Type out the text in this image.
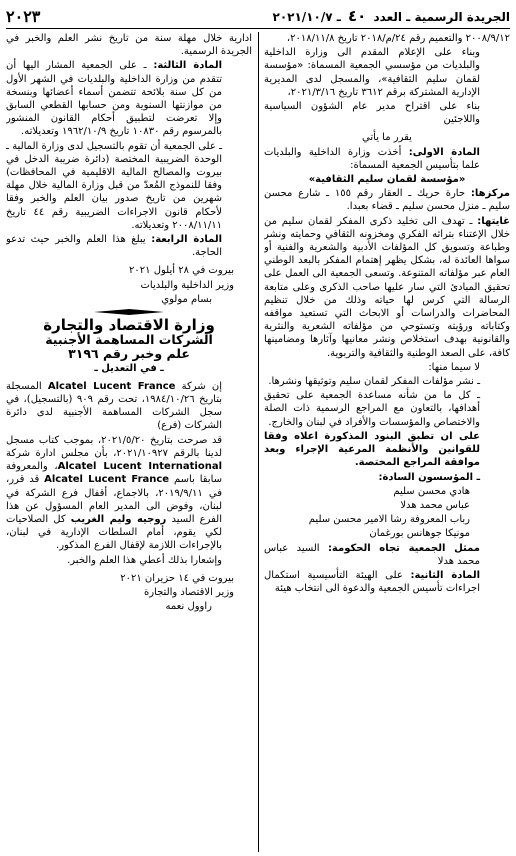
الجريدة الرسمية ـ العدد ٤٠ ـ ٢٠٢١/١٠/٧
٢٠٢٣

٢٠٠٨/٩/١٢ والتعميم رقم ٢٤/م/٢٠١٨ تاريخ ٢٠١٨/١١/٨،

وبناء على الإعلام المقدم الى وزارة الداخلية والبلديات من مؤسسي الجمعية المسماة: «مؤسسة لقمان سليم الثقافية»، والمسجل لدى المديرية الإدارية المشتركة برقم ٣٦١٢ تاريخ ٢٠٢١/٣/١٦،

بناء على اقتراح مدير عام الشؤون السياسية واللاجئين

يقرر ما يأتي

المادة الاولى: أخذت وزارة الداخلية والبلديات علما بتأسيس الجمعية المسماة:

«مؤسسة لقمان سليم الثقافية»

مركزها: حارة حريك ـ العقار رقم ١٥٥ ـ شارع محسن سليم ـ منزل محسن سليم ـ قضاء بعبدا.

غايتها: ـ تهدف الى تخليد ذكرى المفكر لقمان سليم من خلال الإعتناء بتراثه الفكري ومخزونه الثقافي وحمايته ونشر وطباعة وتسويق كل المؤلفات الأدبية والشعرية والفنية أو سواها العائدة له، بشكل يظهر إهتمام المفكر بالبعد الوطني العام عبر مؤلفاته المتنوعة. وتسعى الجمعية الى العمل على تحقيق المبادئ التي سار عليها صاحب الذكرى وعلى متابعة الرسالة التي كرس لها حياته وذلك من خلال تنظيم المحاضرات والدراسات أو الابحاث التي تستعيد مواقفه وكتاباته ورؤيته وتستوحي من مؤلفاته الشعرية والنثرية والقانونية بهدف استخلاص ونشر معانيها وآثارها ومضامينها كافة، على الصعد الوطنية والثقافية والتربوية.

لا سيما منها:

ـ نشر مؤلفات المفكر لقمان سليم وتوثيقها ونشرها.

ـ كل ما من شأنه مساعدة الجمعية على تحقيق أهدافها، بالتعاون مع المراجع الرسمية ذات الصلة والاختصاص والمؤسسات والأفراد في لبنان والخارج.

على ان تطبق البنود المذكورة اعلاه وفقا للقوانين والأنظمة المرعية الإجراء وبعد موافقة المراجع المختصة.

ـ المؤسسون السادة:

هادي محسن سليم

عباس محمد هدلا

رباب المعروفة رشا الامير محسن سليم

مونيكا جوهانس بورغمان

ممثل الجمعية تجاه الحكومة: السيد عباس محمد هدلا

المادة الثانية: على الهيئة التأسيسية استكمال اجراءات تأسيس الجمعية والدعوة الى انتخاب هيئة

ادارية خلال مهلة سنة من تاريخ نشر العلم والخبر في الجريدة الرسمية.

المادة الثالثة: ـ على الجمعية المشار اليها أن تتقدم من وزارة الداخلية والبلديات في الشهر الأول من كل سنة بلائحة تتضمن أسماء أعضائها وبنسخة من موازنتها السنوية ومن حسابها القطعي السابق وإلا تعرضت لتطبيق أحكام القانون المنشور بالمرسوم رقم ١٠٨٣٠ تاريخ ١٩٦٢/١٠/٩ وتعديلاته.

ـ على الجمعية أن تقوم بالتسجيل لدى وزارة المالية ـ الوحدة الضريبية المختصة (دائرة ضريبة الدخل في بيروت والمصالح المالية الاقليمية في المحافظات) وفقا للنموذج المُعدّ من قبل وزارة المالية خلال مهلة شهرين من تاريخ صدور بيان العلم والخبر وفقا لأحكام قانون الاجراءات الضريبية رقم ٤٤ تاريخ ٢٠٠٨/١١/١١ وتعديلاته.

المادة الرابعة: يبلغ هذا العلم والخبر حيث تدعو الحاجة.

بيروت في ٢٨ أيلول ٢٠٢١

وزير الداخلية والبلديات

بسام مولوي

وزارة الاقتصاد والتجارة

الشركات المساهمة الأجنبية

علم وخبر رقم ٣١٩٦

ـ في التعديل ـ

إن شركة Alcatel Lucent France المسجلة بتاريخ ١٩٨٤/١٠/٢٦، تحت رقم ٩٠٩ (بالتسجيل)، في سجل الشركات المساهمة الأجنبية لدى دائرة الشركات (فرع)

قد صرحت بتاريخ ٢٠٢١/٥/٢٠، بموجب كتاب مسجل لدينا بالرقم ٢٠٢١/١٠٩٢٧، بأن مجلس ادارة شركة Alcatel Lucent International، والمعروفة سابقا باسم Alcatel Lucent France قد قرر، في ٢٠١٩/٩/١١، بالاجماع، أقفال فرع الشركة في لبنان، وفوض الى المدير العام المسؤول عن هذا الفرع السيد روجيه وليم الغريب كل الصلاحيات لكي يقوم، أمام السلطات الإدارية في لبنان، بالإجراءات اللازمة لإقفال الفرع المذكور.

وإشعارا بذلك أعطي هذا العلم والخبر.

بيروت في ١٤ حزيران ٢٠٢١

وزير الاقتصاد والتجارة

راوول نعمه
